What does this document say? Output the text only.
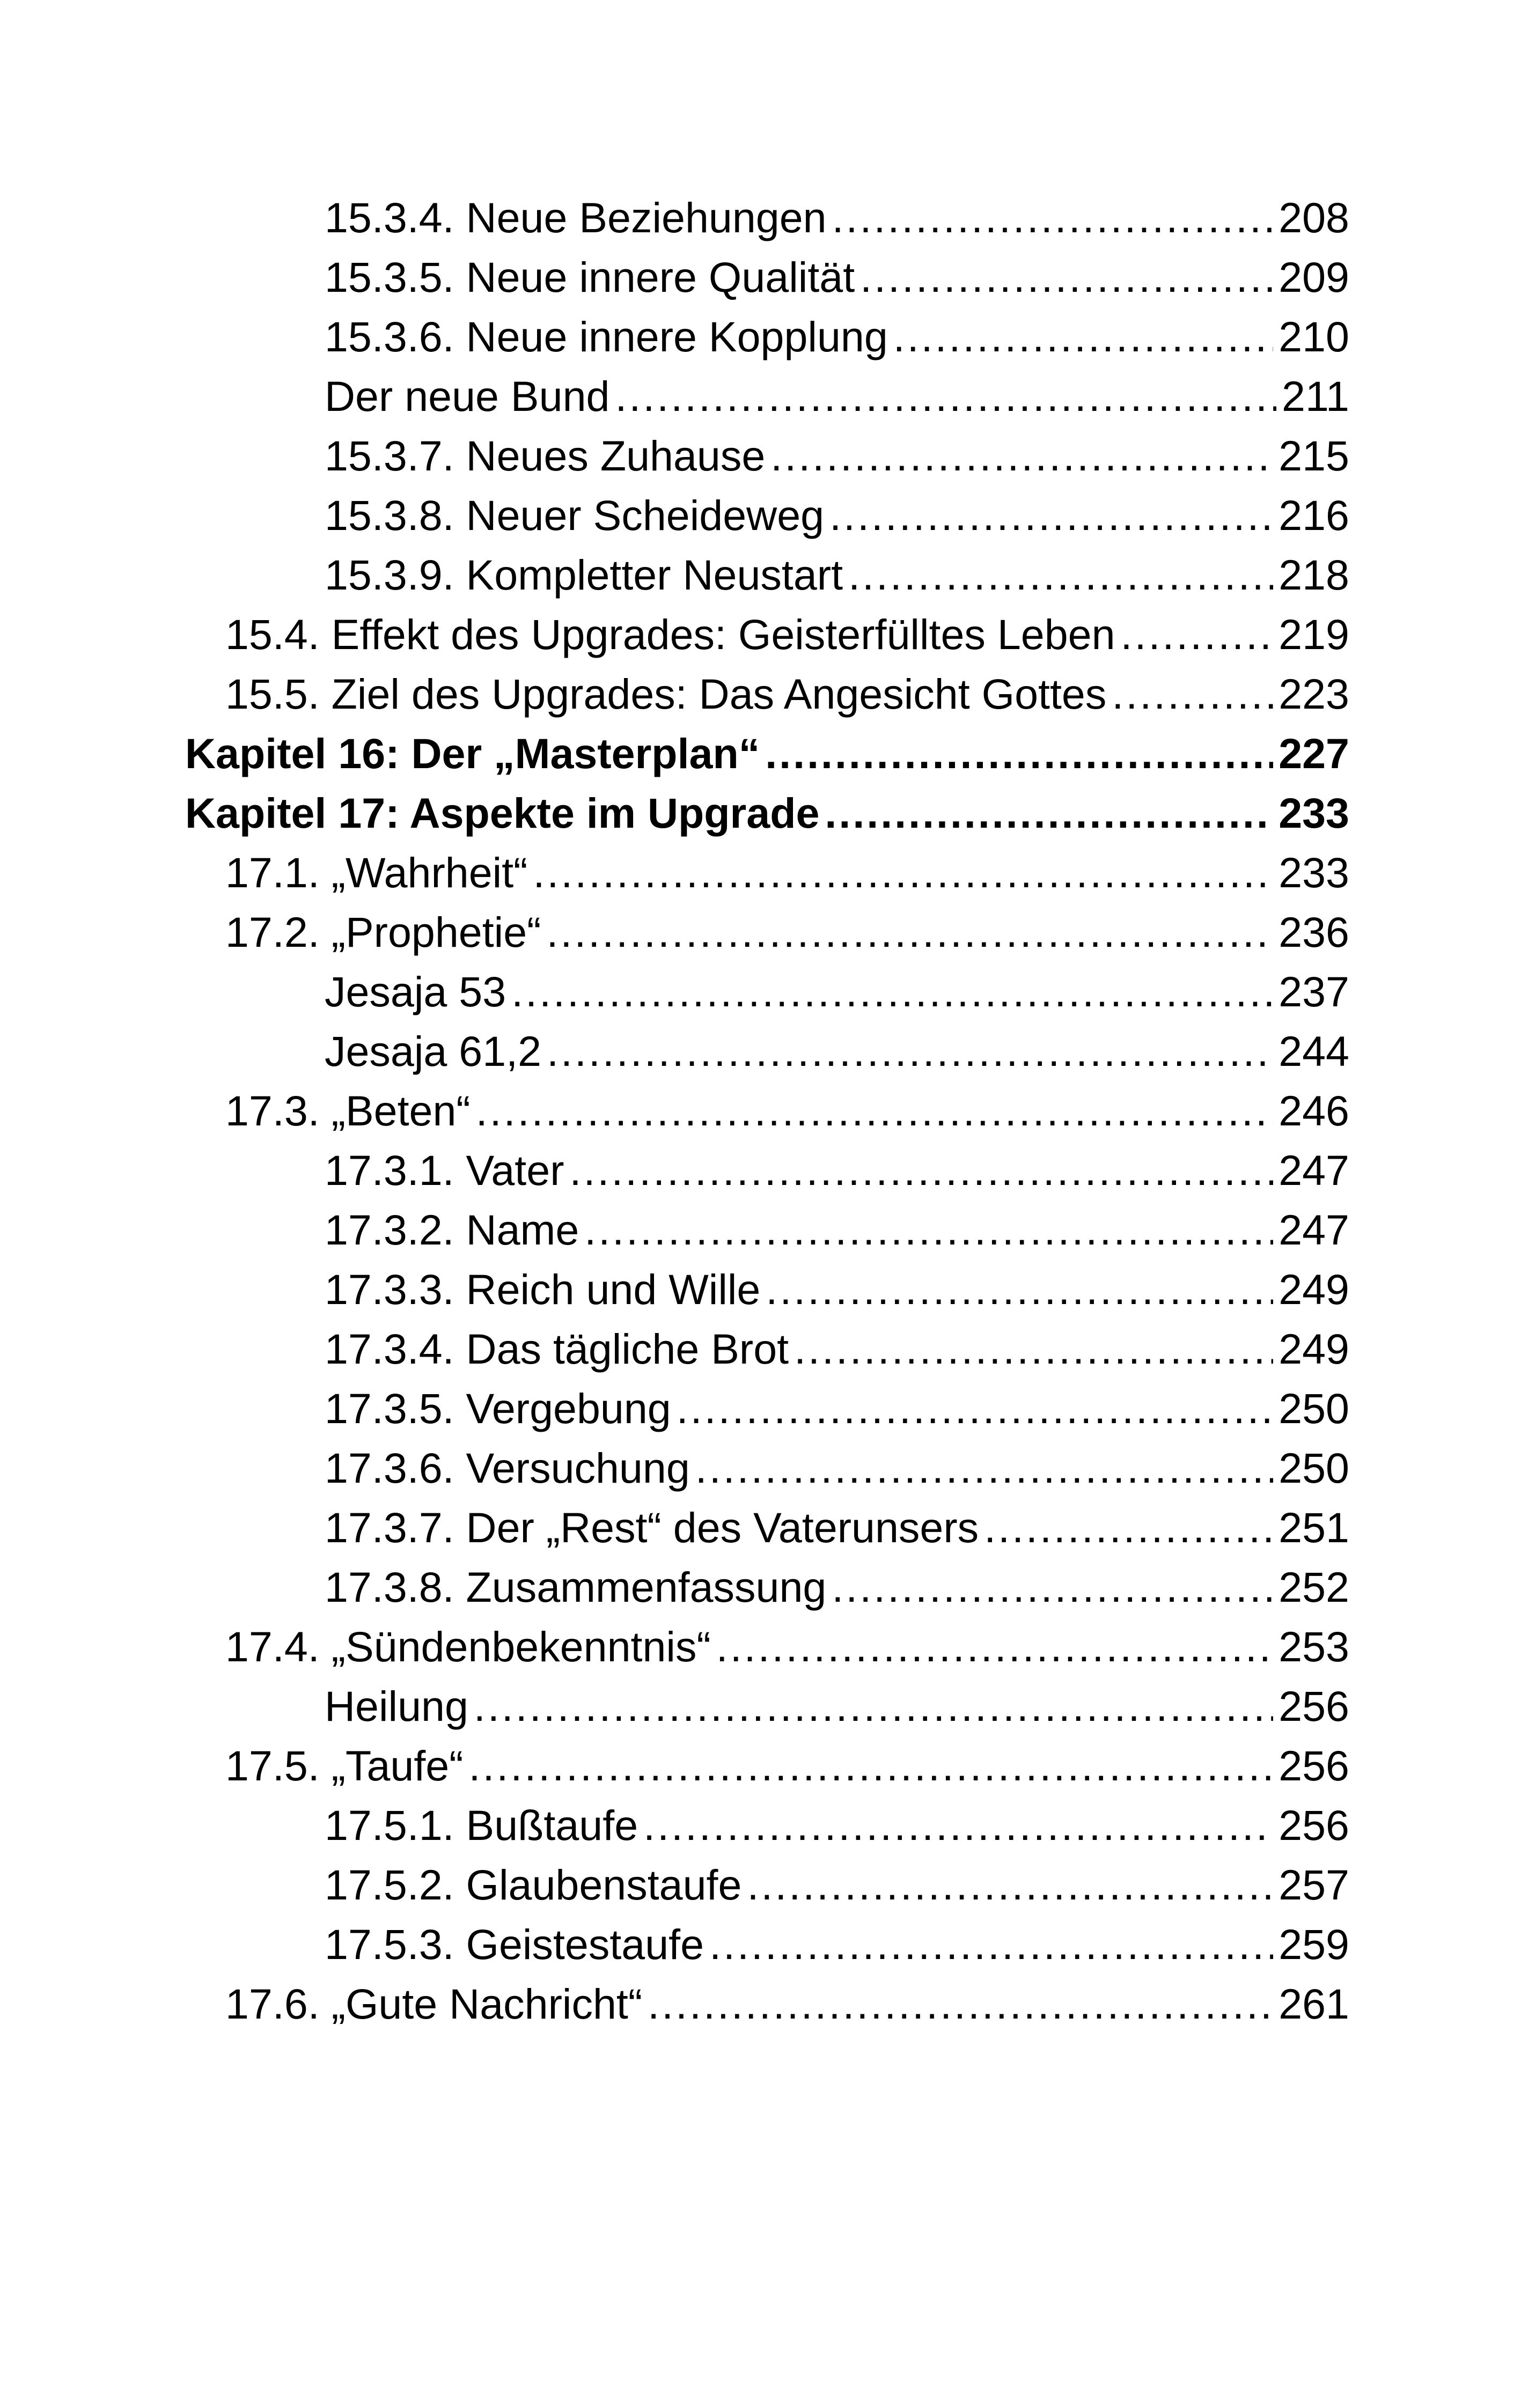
15.3.4. Neue Beziehungen .....	208
15.3.5. Neue innere Qualität .....	209
15.3.6. Neue innere Kopplung .....	210
Der neue Bund .....	211
15.3.7. Neues Zuhause .....	215
15.3.8. Neuer Scheideweg .....	216
15.3.9. Kompletter Neustart .....	218
15.4. Effekt des Upgrades: Geisterfülltes Leben .....	219
15.5. Ziel des Upgrades: Das Angesicht Gottes .....	223
Kapitel 16: Der „Masterplan“ .....	227
Kapitel 17: Aspekte im Upgrade .....	233
17.1. „Wahrheit“ .....	233
17.2. „Prophetie“ .....	236
Jesaja 53 .....	237
Jesaja 61,2 .....	244
17.3. „Beten“ .....	246
17.3.1. Vater .....	247
17.3.2. Name .....	247
17.3.3. Reich und Wille .....	249
17.3.4. Das tägliche Brot .....	249
17.3.5. Vergebung .....	250
17.3.6. Versuchung .....	250
17.3.7. Der „Rest“ des Vaterunsers .....	251
17.3.8. Zusammenfassung .....	252
17.4. „Sündenbekenntnis“ .....	253
Heilung .....	256
17.5. „Taufe“ .....	256
17.5.1. Bußtaufe .....	256
17.5.2. Glaubenstaufe .....	257
17.5.3. Geistestaufe .....	259
17.6. „Gute Nachricht“ .....	261
